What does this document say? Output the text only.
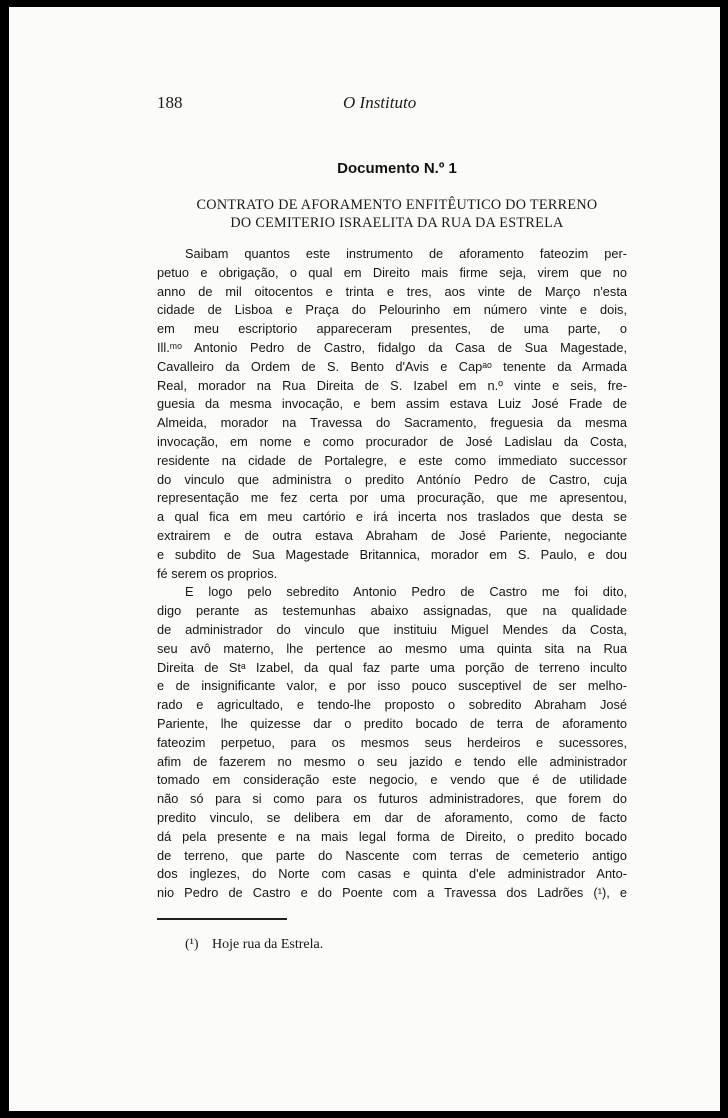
188	O Instituto
Documento N.º 1
CONTRATO DE AFORAMENTO ENFITÊUTICO DO TERRENO
DO CEMITERIO ISRAELITA DA RUA DA ESTRELA
Saibam quantos este instrumento de aforamento fateozim per-
petuo e obrigação, o qual em Direito mais firme seja, virem que no
anno de mil oitocentos e trinta e tres, aos vinte de Março n'esta
cidade de Lisboa e Praça do Pelourinho em número vinte e dois,
em meu escriptorio appareceram presentes, de uma parte, o
Ill.ᵐᵒ Antonio Pedro de Castro, fidalgo da Casa de Sua Magestade,
Cavalleiro da Ordem de S. Bento d'Avis e Capᵃᵒ tenente da Armada
Real, morador na Rua Direita de S. Izabel em n.º vinte e seis, fre-
guesia da mesma invocação, e bem assim estava Luiz José Frade de
Almeida, morador na Travessa do Sacramento, freguesia da mesma
invocação, em nome e como procurador de José Ladislau da Costa,
residente na cidade de Portalegre, e este como immediato successor
do vinculo que administra o predito Antónío Pedro de Castro, cuja
representação me fez certa por uma procuração, que me apresentou,
a qual fica em meu cartório e irá incerta nos traslados que desta se
extrairem e de outra estava Abraham de José Pariente, negociante
e subdito de Sua Magestade Britannica, morador em S. Paulo, e dou
fé serem os proprios.
E logo pelo sebredito Antonio Pedro de Castro me foi dito,
digo perante as testemunhas abaixo assignadas, que na qualidade
de administrador do vinculo que instituiu Miguel Mendes da Costa,
seu avô materno, lhe pertence ao mesmo uma quinta sita na Rua
Direita de Stᵃ Izabel, da qual faz parte uma porção de terreno inculto
e de insignificante valor, e por isso pouco susceptivel de ser melho-
rado e agricultado, e tendo-lhe proposto o sobredito Abraham José
Pariente, lhe quizesse dar o predito bocado de terra de aforamento
fateozim perpetuo, para os mesmos seus herdeiros e sucessores,
afim de fazerem no mesmo o seu jazido e tendo elle administrador
tomado em consideração este negocio, e vendo que é de utilidade
não só para si como para os futuros administradores, que forem do
predito vinculo, se delibera em dar de aforamento, como de facto
dá pela presente e na mais legal forma de Direito, o predito bocado
de terreno, que parte do Nascente com terras de cemeterio antigo
dos inglezes, do Norte com casas e quinta d'ele administrador Anto-
nio Pedro de Castro e do Poente com a Travessa dos Ladrões (¹), e
(¹) Hoje rua da Estrela.
